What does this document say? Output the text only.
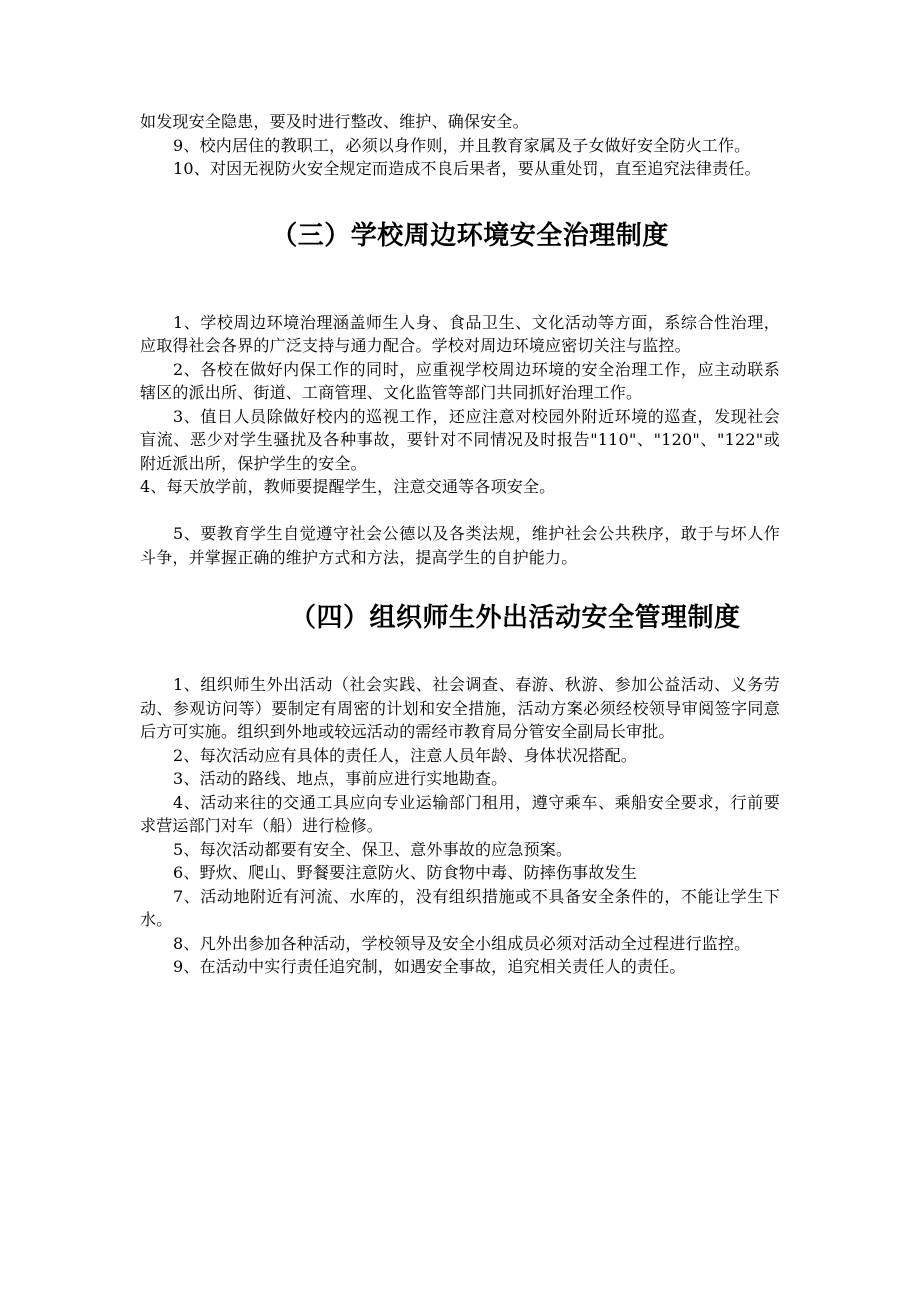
如发现安全隐患，要及时进行整改、维护、确保安全。

9、校内居住的教职工，必须以身作则，并且教育家属及子女做好安全防火工作。

10、对因无视防火安全规定而造成不良后果者，要从重处罚，直至追究法律责任。

（三）学校周边环境安全治理制度

1、学校周边环境治理涵盖师生人身、食品卫生、文化活动等方面，系综合性治理，应取得社会各界的广泛支持与通力配合。学校对周边环境应密切关注与监控。

2、各校在做好内保工作的同时，应重视学校周边环境的安全治理工作，应主动联系辖区的派出所、街道、工商管理、文化监管等部门共同抓好治理工作。

3、值日人员除做好校内的巡视工作，还应注意对校园外附近环境的巡查，发现社会盲流、恶少对学生骚扰及各种事故，要针对不同情况及时报告"110"、"120"、"122"或附近派出所，保护学生的安全。

4、每天放学前，教师要提醒学生，注意交通等各项安全。

5、要教育学生自觉遵守社会公德以及各类法规，维护社会公共秩序，敢于与坏人作斗争，并掌握正确的维护方式和方法，提高学生的自护能力。

（四）组织师生外出活动安全管理制度

1、组织师生外出活动（社会实践、社会调查、春游、秋游、参加公益活动、义务劳动、参观访问等）要制定有周密的计划和安全措施，活动方案必须经校领导审阅签字同意后方可实施。组织到外地或较远活动的需经市教育局分管安全副局长审批。

2、每次活动应有具体的责任人，注意人员年龄、身体状况搭配。

3、活动的路线、地点，事前应进行实地勘查。

4、活动来往的交通工具应向专业运输部门租用，遵守乘车、乘船安全要求，行前要求营运部门对车（船）进行检修。

5、每次活动都要有安全、保卫、意外事故的应急预案。

6、野炊、爬山、野餐要注意防火、防食物中毒、防摔伤事故发生

7、活动地附近有河流、水库的，没有组织措施或不具备安全条件的，不能让学生下水。

8、凡外出参加各种活动，学校领导及安全小组成员必须对活动全过程进行监控。

9、在活动中实行责任追究制，如遇安全事故，追究相关责任人的责任。
